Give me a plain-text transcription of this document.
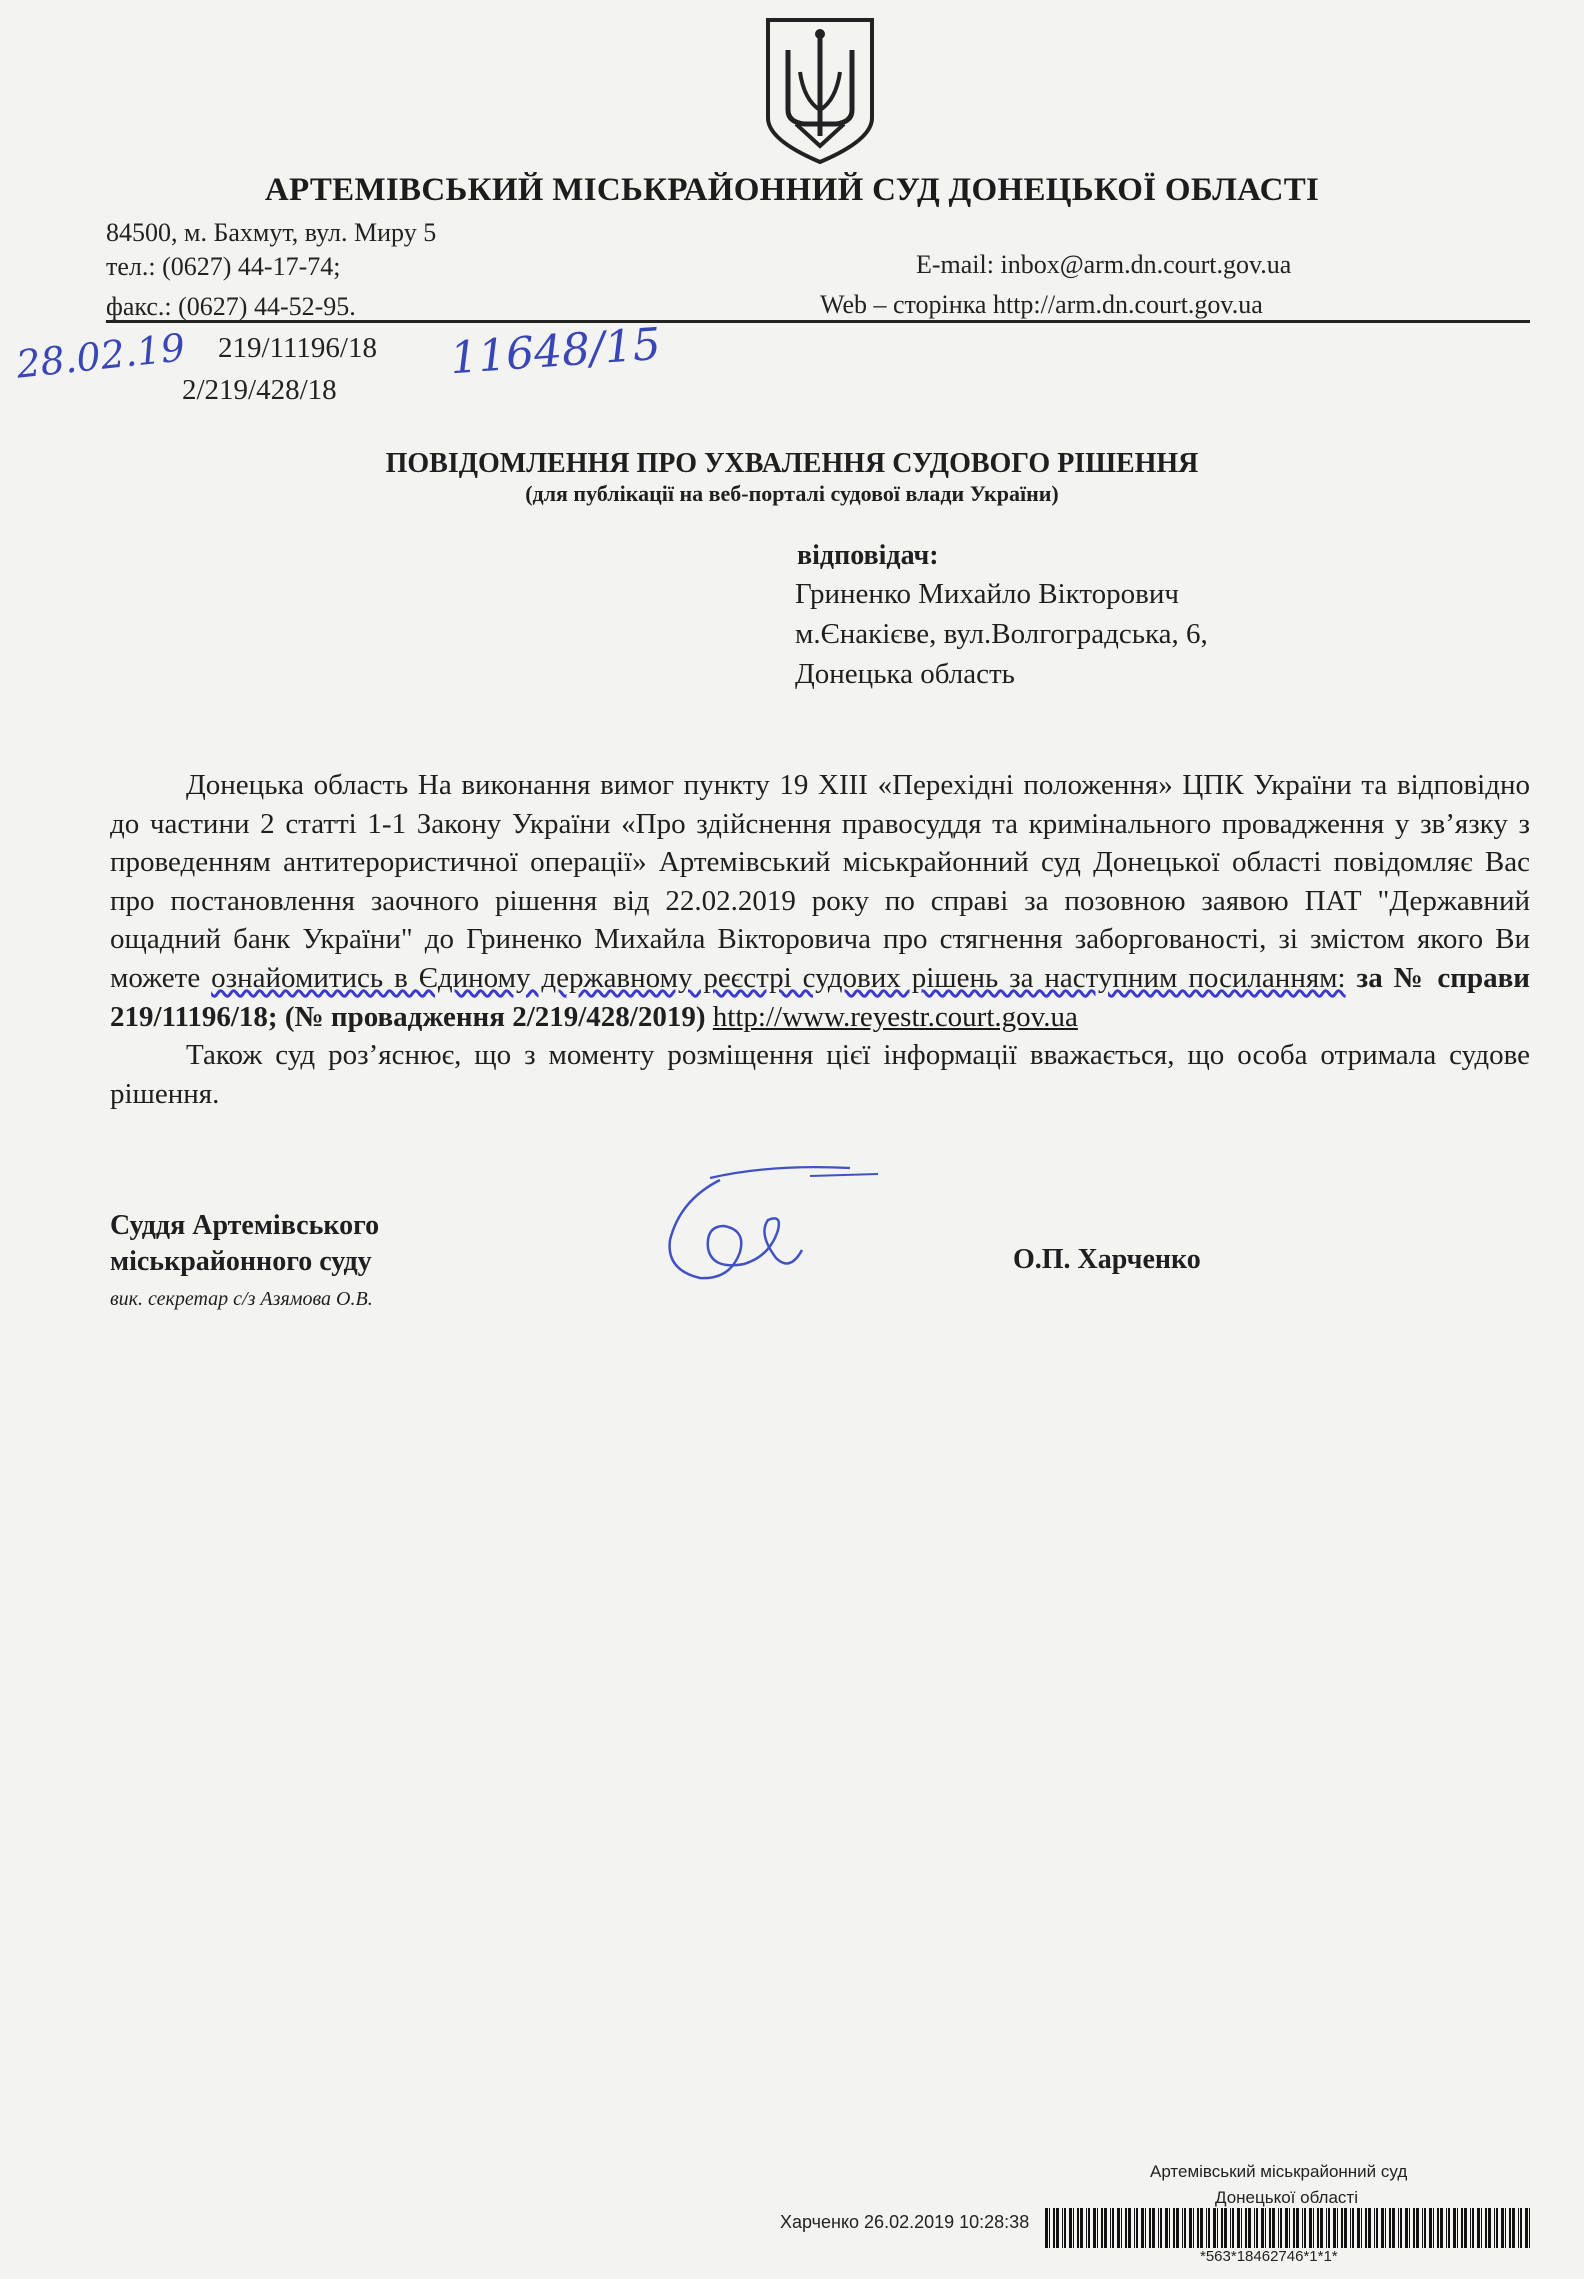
АРТЕМІВСЬКИЙ МІСЬКРАЙОННИЙ СУД ДОНЕЦЬКОЇ ОБЛАСТІ
84500, м. Бахмут, вул. Миру 5
тел.: (0627) 44-17-74;
факс.: (0627) 44-52-95.
E-mail: inbox@arm.dn.court.gov.ua
Web – сторінка http://arm.dn.court.gov.ua
28.02.19	11648/15
219/11196/18
2/219/428/18
ПОВІДОМЛЕННЯ ПРО УХВАЛЕННЯ СУДОВОГО РІШЕННЯ
(для публікації на веб-порталі судової влади України)
відповідач:
Гриненко Михайло Вікторович
м.Єнакієве, вул.Волгоградська, 6,
Донецька область

Донецька область На виконання вимог пункту 19 XIII «Перехідні положення» ЦПК України та відповідно до частини 2 статті 1-1 Закону України «Про здійснення правосуддя та кримінального провадження у зв’язку з проведенням антитерористичної операції» Артемівський міськрайонний суд Донецької області повідомляє Вас про постановлення заочного рішення від 22.02.2019 року по справі за позовною заявою ПАТ "Державний ощадний банк України" до Гриненко Михайла Вікторовича про стягнення заборгованості, зі змістом якого Ви можете ознайомитись в Єдиному державному реєстрі судових рішень за наступним посиланням: за № справи 219/11196/18; (№ провадження 2/219/428/2019) http://www.reyestr.court.gov.ua

Також суд роз’яснює, що з моменту розміщення цієї інформації вважається, що особа отримала судове рішення.

Суддя Артемівського
міськрайонного суду
вик. секретар с/з Азямова О.В.
О.П. Харченко
Артемівський міськрайонний суд
Донецької області
Харченко 26.02.2019 10:28:38
*563*18462746*1*1*
